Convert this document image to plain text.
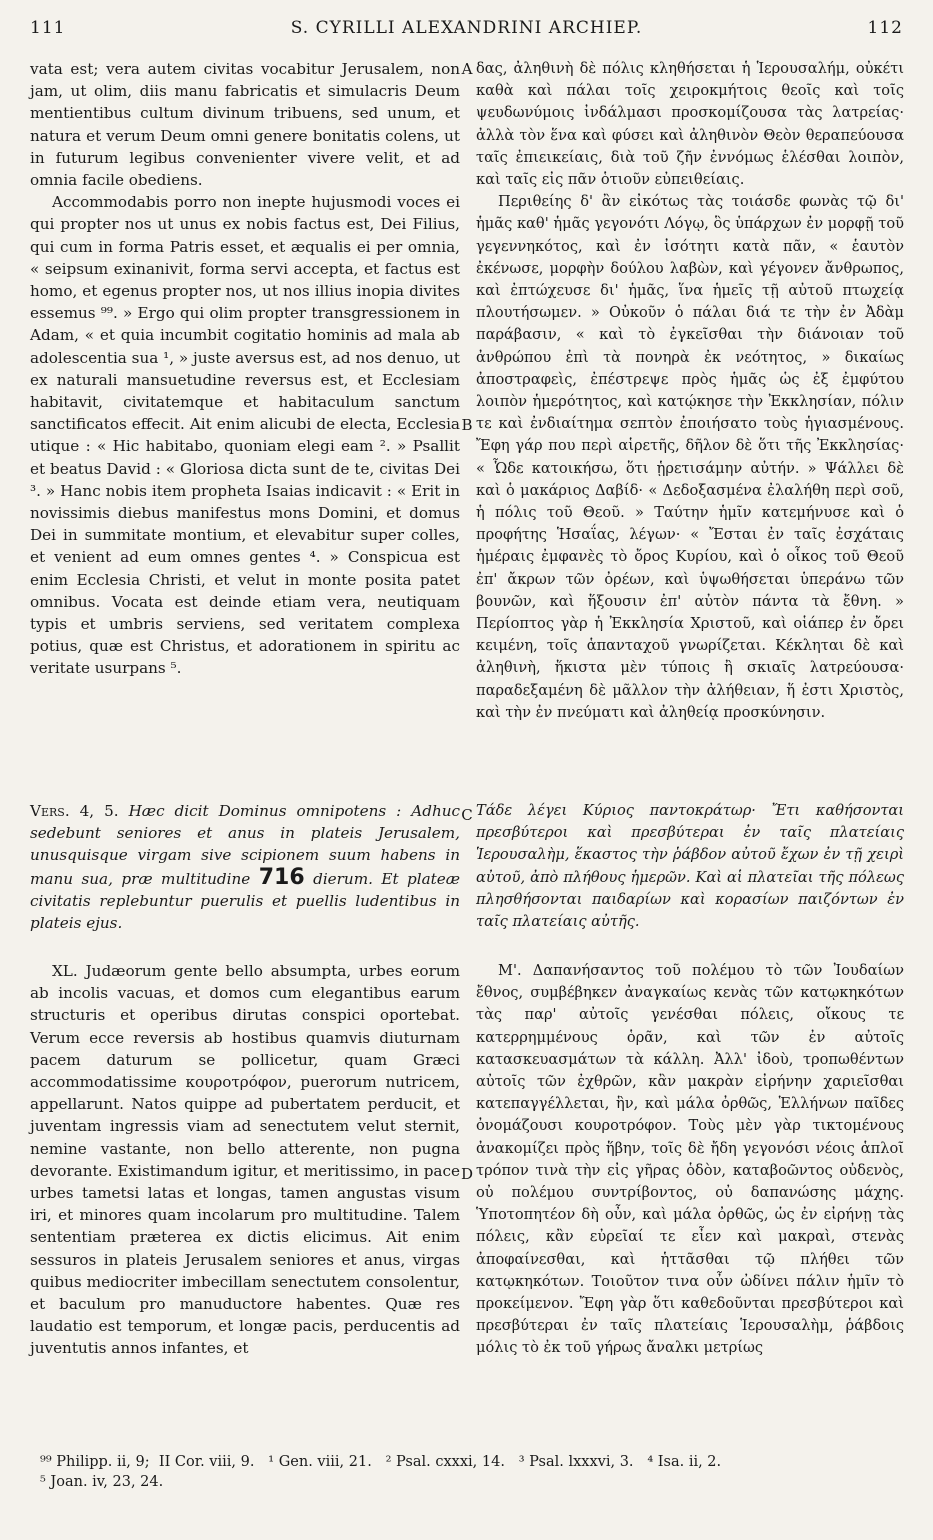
111	S. CYRILLI ALEXANDRINI ARCHIEP.	112

vata est; vera autem civitas vocabitur Jerusalem, non jam, ut olim, diis manu fabricatis et simulacris Deum mentientibus cultum divinum tribuens, sed unum, et natura et verum Deum omni genere bonitatis colens, ut in futurum legibus convenienter vivere velit, et ad omnia facile obediens.

Accommodabis porro non inepte hujusmodi voces ei qui propter nos ut unus ex nobis factus est, Dei Filius, qui cum in forma Patris esset, et æqualis ei per omnia, « seipsum exinanivit, forma servi accepta, et factus est homo, et egenus propter nos, ut nos illius inopia divites essemus ⁹⁹. » Ergo qui olim propter transgressionem in Adam, « et quia incumbit cogitatio hominis ad mala ab adolescentia sua ¹, » juste aversus est, ad nos denuo, ut ex naturali mansuetudine reversus est, et Ecclesiam habitavit, civitatemque et habitaculum sanctum sanctificatos effecit. Ait enim alicubi de electa, Ecclesia utique : « Hic habitabo, quoniam elegi eam ². » Psallit et beatus David : « Gloriosa dicta sunt de te, civitas Dei ³. » Hanc nobis item propheta Isaias indicavit : « Erit in novissimis diebus manifestus mons Domini, et domus Dei in summitate montium, et elevabitur super colles, et venient ad eum omnes gentes ⁴. » Conspicua est enim Ecclesia Christi, et velut in monte posita patet omnibus. Vocata est deinde etiam vera, neutiquam typis et umbris serviens, sed veritatem complexa potius, quæ est Christus, et adorationem in spiritu ac veritate usurpans ⁵.

δας, ἀληθινὴ δὲ πόλις κληθήσεται ἡ Ἱερουσαλήμ, οὐκέτι καθὰ καὶ πάλαι τοῖς χειροκμήτοις θεοῖς καὶ τοῖς ψευδωνύμοις ἰνδάλμασι προσκομίζουσα τὰς λατρείας· ἀλλὰ τὸν ἕνα καὶ φύσει καὶ ἀληθινὸν Θεὸν θεραπεύουσα ταῖς ἐπιεικείαις, διὰ τοῦ ζῆν ἐννόμως ἑλέσθαι λοιπὸν, καὶ ταῖς εἰς πᾶν ὁτιοῦν εὐπειθείαις.

Περιθείης δ' ἂν εἰκότως τὰς τοιάσδε φωνὰς τῷ δι' ἡμᾶς καθ' ἡμᾶς γεγονότι Λόγῳ, ὃς ὑπάρχων ἐν μορφῇ τοῦ γεγεννηκότος, καὶ ἐν ἰσότητι κατὰ πᾶν, « ἑαυτὸν ἐκένωσε, μορφὴν δούλου λαβὼν, καὶ γέγονεν ἄνθρωπος, καὶ ἐπτώχευσε δι' ἡμᾶς, ἵνα ἡμεῖς τῇ αὐτοῦ πτωχείᾳ πλουτήσωμεν. » Οὐκοῦν ὁ πάλαι διά τε τὴν ἐν Ἀδὰμ παράβασιν, « καὶ τὸ ἐγκεῖσθαι τὴν διάνοιαν τοῦ ἀνθρώπου ἐπὶ τὰ πονηρὰ ἐκ νεότητος, » δικαίως ἀποστραφεὶς, ἐπέστρεψε πρὸς ἡμᾶς ὡς ἐξ ἐμφύτου λοιπὸν ἡμερότητος, καὶ κατῴκησε τὴν Ἐκκλησίαν, πόλιν τε καὶ ἐνδιαίτημα σεπτὸν ἐποιήσατο τοὺς ἡγιασμένους. Ἔφη γάρ που περὶ αἱρετῆς, δῆλον δὲ ὅτι τῆς Ἐκκλησίας· « Ὧδε κατοικήσω, ὅτι ᾑρετισάμην αὐτήν. » Ψάλλει δὲ καὶ ὁ μακάριος Δαβίδ· « Δεδοξασμένα ἐλαλήθη περὶ σοῦ, ἡ πόλις τοῦ Θεοῦ. » Ταύτην ἡμῖν κατεμήνυσε καὶ ὁ προφήτης Ἡσαΐας, λέγων· « Ἔσται ἐν ταῖς ἐσχάταις ἡμέραις ἐμφανὲς τὸ ὄρος Κυρίου, καὶ ὁ οἶκος τοῦ Θεοῦ ἐπ' ἄκρων τῶν ὀρέων, καὶ ὑψωθήσεται ὑπεράνω τῶν βουνῶν, καὶ ἥξουσιν ἐπ' αὐτὸν πάντα τὰ ἔθνη. » Περίοπτος γὰρ ἡ Ἐκκλησία Χριστοῦ, καὶ οἱάπερ ἐν ὄρει κειμένη, τοῖς ἁπανταχοῦ γνωρίζεται. Κέκληται δὲ καὶ ἀληθινὴ, ἥκιστα μὲν τύποις ἢ σκιαῖς λατρεύουσα· παραδεξαμένη δὲ μᾶλλον τὴν ἀλήθειαν, ἥ ἐστι Χριστὸς, καὶ τὴν ἐν πνεύματι καὶ ἀληθείᾳ προσκύνησιν.

A
B
C
D

Vers. 4, 5. Hæc dicit Dominus omnipotens : Adhuc sedebunt seniores et anus in plateis Jerusalem, unusquisque virgam sive scipionem suum habens in manu sua, præ multitudine 716 dierum. Et plateæ civitatis replebuntur puerulis et puellis ludentibus in plateis ejus.

Τάδε λέγει Κύριος παντοκράτωρ· Ἔτι καθήσονται πρεσβύτεροι καὶ πρεσβύτεραι ἐν ταῖς πλατείαις Ἱερουσαλὴμ, ἕκαστος τὴν ῥάβδον αὐτοῦ ἔχων ἐν τῇ χειρὶ αὐτοῦ, ἀπὸ πλήθους ἡμερῶν. Καὶ αἱ πλατεῖαι τῆς πόλεως πλησθήσονται παιδαρίων καὶ κορασίων παιζόντων ἐν ταῖς πλατείαις αὐτῆς.

XL. Judæorum gente bello absumpta, urbes eorum ab incolis vacuas, et domos cum elegantibus earum structuris et operibus dirutas conspici oportebat. Verum ecce reversis ab hostibus quamvis diuturnam pacem daturum se pollicetur, quam Græci accommodatissime κουροτρόφον, puerorum nutricem, appellarunt. Natos quippe ad pubertatem perducit, et juventam ingressis viam ad senectutem velut sternit, nemine vastante, non bello atterente, non pugna devorante. Existimandum igitur, et meritissimo, in pace urbes tametsi latas et longas, tamen angustas visum iri, et minores quam incolarum pro multitudine. Talem sententiam præterea ex dictis elicimus. Ait enim sessuros in plateis Jerusalem seniores et anus, virgas quibus mediocriter imbecillam senectutem consolentur, et baculum pro manuductore habentes. Quæ res laudatio est temporum, et longæ pacis, perducentis ad juventutis annos infantes, et

Μ'. Δαπανήσαντος τοῦ πολέμου τὸ τῶν Ἰουδαίων ἔθνος, συμβέβηκεν ἀναγκαίως κενὰς τῶν κατῳκηκότων τὰς παρ' αὐτοῖς γενέσθαι πόλεις, οἴκους τε κατερρημμένους ὁρᾶν, καὶ τῶν ἐν αὐτοῖς κατασκευασμάτων τὰ κάλλη. Ἀλλ' ἰδοὺ, τροπωθέντων αὐτοῖς τῶν ἐχθρῶν, κἂν μακρὰν εἰρήνην χαριεῖσθαι κατεπαγγέλλεται, ἣν, καὶ μάλα ὀρθῶς, Ἑλλήνων παῖδες ὀνομάζουσι κουροτρόφον. Τοὺς μὲν γὰρ τικτομένους ἀνακομίζει πρὸς ἥβην, τοῖς δὲ ἤδη γεγονόσι νέοις ἁπλοῖ τρόπον τινὰ τὴν εἰς γῆρας ὁδὸν, καταβοῶντος οὐδενὸς, οὐ πολέμου συντρίβοντος, οὐ δαπανώσης μάχης. Ὑποτοπητέον δὴ οὖν, καὶ μάλα ὀρθῶς, ὡς ἐν εἰρήνῃ τὰς πόλεις, κἂν εὐρεῖαί τε εἶεν καὶ μακραὶ, στενὰς ἀποφαίνεσθαι, καὶ ἡττᾶσθαι τῷ πλήθει τῶν κατῳκηκότων. Τοιοῦτον τινα οὖν ὠδίνει πάλιν ἡμῖν τὸ προκείμενον. Ἔφη γὰρ ὅτι καθεδοῦνται πρεσβύτεροι καὶ πρεσβύτεραι ἐν ταῖς πλατείαις Ἱερουσαλὴμ, ῥάβδοις μόλις τὸ ἐκ τοῦ γήρως ἄναλκι μετρίως

⁹⁹ Philipp. ii, 9;  II Cor. viii, 9.   ¹ Gen. viii, 21.   ² Psal. cxxxi, 14.   ³ Psal. lxxxvi, 3.   ⁴ Isa. ii, 2.
⁵ Joan. iv, 23, 24.
